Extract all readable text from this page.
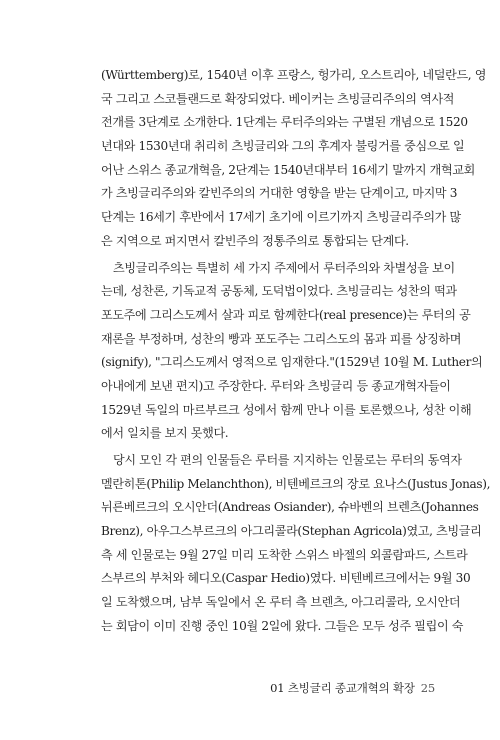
(Württemberg)로, 1540년 이후 프랑스, 헝가리, 오스트리아, 네덜란드, 영
국 그리고 스코틀랜드로 확장되었다. 베이커는 츠빙글리주의의 역사적
전개를 3단계로 소개한다. 1단계는 루터주의와는 구별된 개념으로 1520
년대와 1530년대 취리히 츠빙글리와 그의 후계자 불링거를 중심으로 일
어난 스위스 종교개혁을, 2단계는 1540년대부터 16세기 말까지 개혁교회
가 츠빙글리주의와 칼빈주의의 거대한 영향을 받는 단계이고, 마지막 3
단계는 16세기 후반에서 17세기 초기에 이르기까지 츠빙글리주의가 많
은 지역으로 퍼지면서 칼빈주의 정통주의로 통합되는 단계다.
츠빙글리주의는 특별히 세 가지 주제에서 루터주의와 차별성을 보이
는데, 성찬론, 기독교적 공동체, 도덕법이었다. 츠빙글리는 성찬의 떡과
포도주에 그리스도께서 살과 피로 함께한다(real presence)는 루터의 공
재론을 부정하며, 성찬의 빵과 포도주는 그리스도의 몸과 피를 상징하며
(signify), "그리스도께서 영적으로 임재한다."(1529년 10월 M. Luther의
아내에게 보낸 편지)고 주장한다. 루터와 츠빙글리 등 종교개혁자들이
1529년 독일의 마르부르크 성에서 함께 만나 이를 토론했으나, 성찬 이해
에서 일치를 보지 못했다.
당시 모인 각 편의 인물들은 루터를 지지하는 인물로는 루터의 동역자
멜란히톤(Philip Melanchthon), 비텐베르크의 장로 요나스(Justus Jonas),
뉘른베르크의 오시안더(Andreas Osiander), 슈바벤의 브렌츠(Johannes
Brenz), 아우그스부르크의 아그리콜라(Stephan Agricola)였고, 츠빙글리
측 세 인물로는 9월 27일 미리 도착한 스위스 바젤의 외콜람파드, 스트라
스부르의 부처와 헤디오(Caspar Hedio)였다. 비텐베르크에서는 9월 30
일 도착했으며, 남부 독일에서 온 루터 측 브렌츠, 아그리콜라, 오시안더
는 회담이 이미 진행 중인 10월 2일에 왔다. 그들은 모두 성주 필립이 숙
01 츠빙글리 종교개혁의 확장 25
